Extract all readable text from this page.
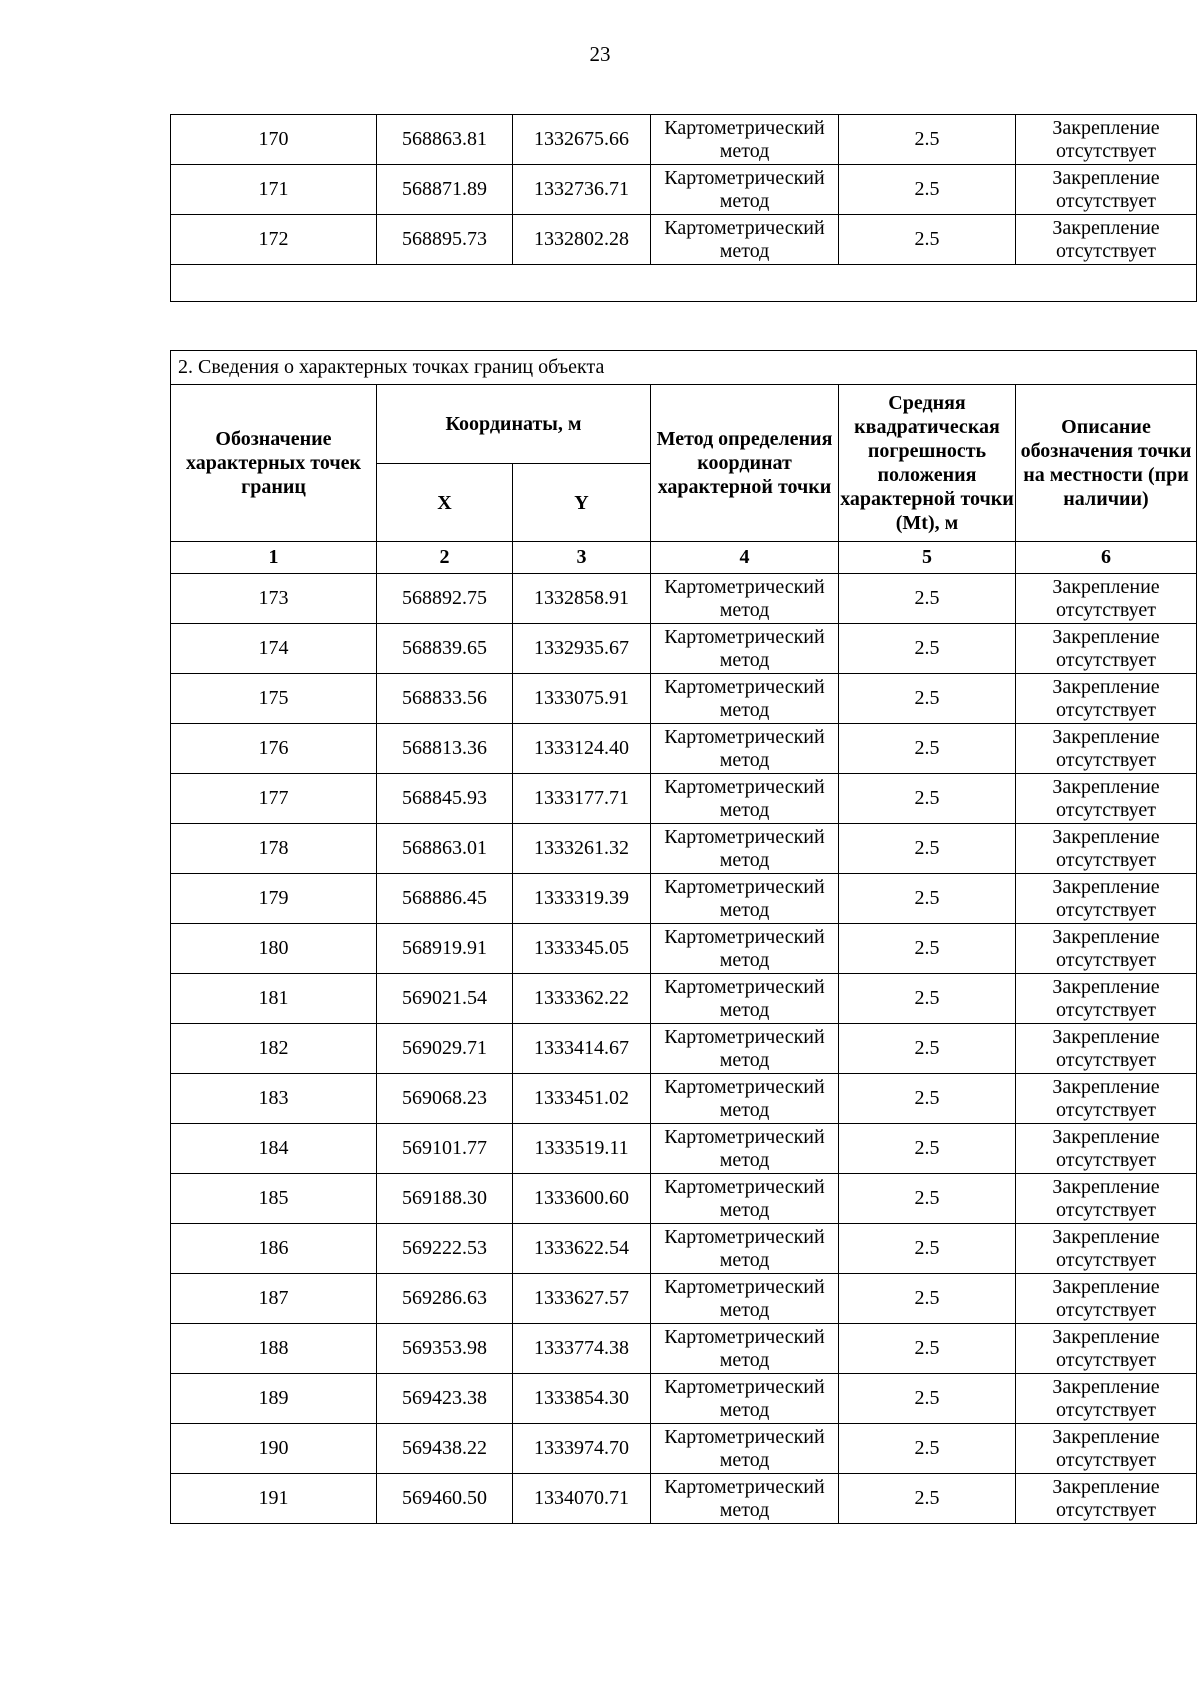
23
170	568863.81	1332675.66	Картометрический метод	2.5	Закрепление отсутствует
171	568871.89	1332736.71	Картометрический метод	2.5	Закрепление отсутствует
172	568895.73	1332802.28	Картометрический метод	2.5	Закрепление отсутствует

2. Сведения о характерных точках границ объекта					
Обозначение характерных точек границ	Координаты, м		Метод определения координат характерной точки	Средняя квадратическая погрешность положения характерной точки (Mt), м	Описание обозначения точки на местности (при наличии)
	X	Y			
1	2	3	4	5	6
173	568892.75	1332858.91	Картометрический метод	2.5	Закрепление отсутствует
174	568839.65	1332935.67	Картометрический метод	2.5	Закрепление отсутствует
175	568833.56	1333075.91	Картометрический метод	2.5	Закрепление отсутствует
176	568813.36	1333124.40	Картометрический метод	2.5	Закрепление отсутствует
177	568845.93	1333177.71	Картометрический метод	2.5	Закрепление отсутствует
178	568863.01	1333261.32	Картометрический метод	2.5	Закрепление отсутствует
179	568886.45	1333319.39	Картометрический метод	2.5	Закрепление отсутствует
180	568919.91	1333345.05	Картометрический метод	2.5	Закрепление отсутствует
181	569021.54	1333362.22	Картометрический метод	2.5	Закрепление отсутствует
182	569029.71	1333414.67	Картометрический метод	2.5	Закрепление отсутствует
183	569068.23	1333451.02	Картометрический метод	2.5	Закрепление отсутствует
184	569101.77	1333519.11	Картометрический метод	2.5	Закрепление отсутствует
185	569188.30	1333600.60	Картометрический метод	2.5	Закрепление отсутствует
186	569222.53	1333622.54	Картометрический метод	2.5	Закрепление отсутствует
187	569286.63	1333627.57	Картометрический метод	2.5	Закрепление отсутствует
188	569353.98	1333774.38	Картометрический метод	2.5	Закрепление отсутствует
189	569423.38	1333854.30	Картометрический метод	2.5	Закрепление отсутствует
190	569438.22	1333974.70	Картометрический метод	2.5	Закрепление отсутствует
191	569460.50	1334070.71	Картометрический метод	2.5	Закрепление отсутствует
